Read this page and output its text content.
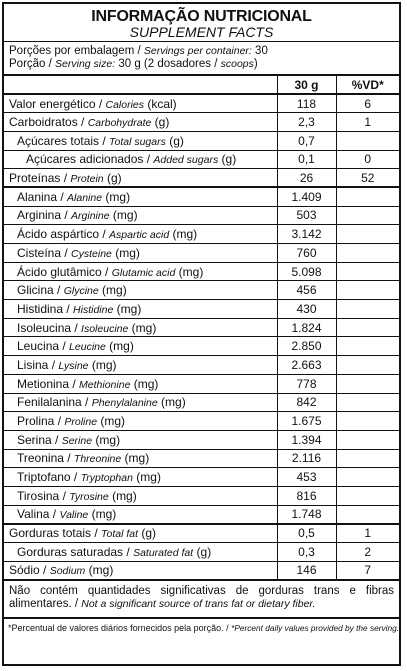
INFORMAÇÃO NUTRICIONAL
SUPPLEMENT FACTS
Porções por embalagem / Servings per container: 30
Porção / Serving size: 30 g (2 dosadores / scoops)
	30 g	%VD*
Valor energético / Calories (kcal)	118	6
Carboidratos / Carbohydrate (g)	2,3	1
Açúcares totais / Total sugars (g)	0,7	
Açúcares adicionados / Added sugars (g)	0,1	0
Proteínas / Protein (g)	26	52
Alanina / Alanine (mg)	1.409	
Arginina / Arginine (mg)	503	
Ácido aspártico / Aspartic acid (mg)	3.142	
Cisteína / Cysteine (mg)	760	
Ácido glutâmico / Glutamic acid (mg)	5.098	
Glicina / Glycine (mg)	456	
Histidina / Histidine (mg)	430	
Isoleucina / Isoleucine (mg)	1.824	
Leucina / Leucine (mg)	2.850	
Lisina / Lysine (mg)	2.663	
Metionina / Methionine (mg)	778	
Fenilalanina / Phenylalanine (mg)	842	
Prolina / Proline (mg)	1.675	
Serina / Serine (mg)	1.394	
Treonina / Threonine (mg)	2.116	
Triptofano / Tryptophan (mg)	453	
Tirosina / Tyrosine (mg)	816	
Valina / Valine (mg)	1.748	
Gorduras totais / Total fat (g)	0,5	1
Gorduras saturadas / Saturated fat (g)	0,3	2
Sódio / Sodium (mg)	146	7
Não contém quantidades significativas de gorduras trans e fibras alimentares. / Not a significant source of trans fat or dietary fiber.
*Percentual de valores diários fornecidos pela porção. / *Percent daily values provided by the serving.
